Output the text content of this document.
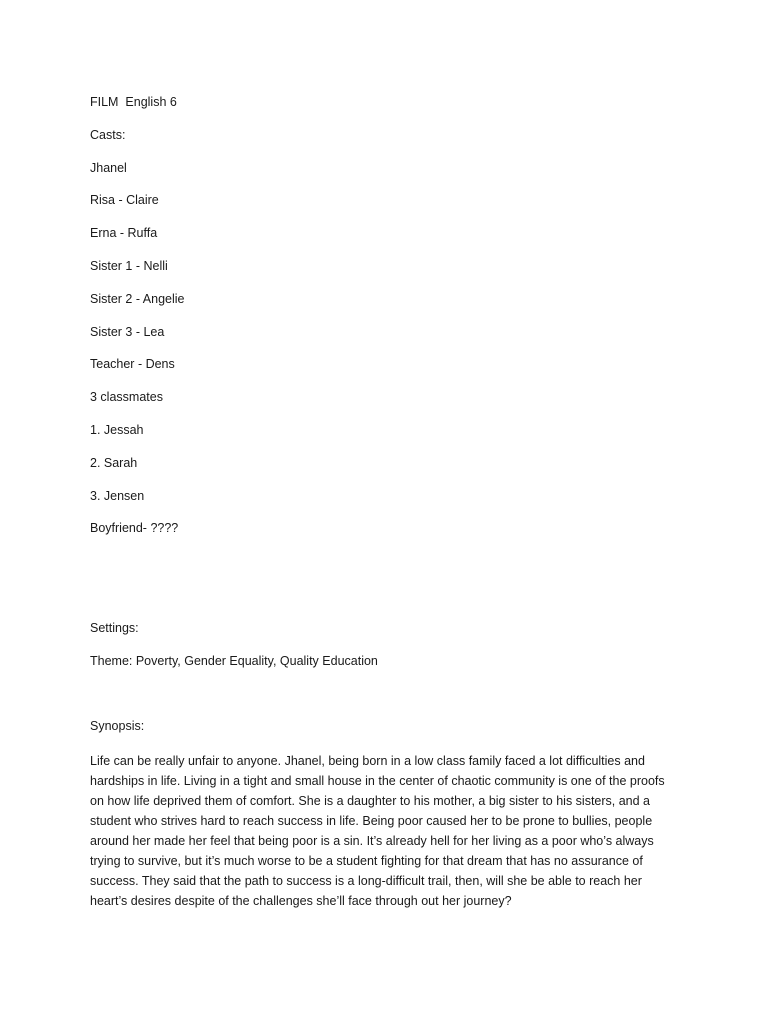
FILM  English 6

Casts:

Jhanel

Risa - Claire

Erna - Ruffa

Sister 1 - Nelli

Sister 2 - Angelie

Sister 3 - Lea

Teacher - Dens

3 classmates

1. Jessah

2. Sarah

3. Jensen

Boyfriend- ????

Settings:

Theme: Poverty, Gender Equality, Quality Education

Synopsis:

Life can be really unfair to anyone. Jhanel, being born in a low class family faced a lot difficulties and
hardships in life. Living in a tight and small house in the center of chaotic community is one of the proofs
on how life deprived them of comfort. She is a daughter to his mother, a big sister to his sisters, and a
student who strives hard to reach success in life. Being poor caused her to be prone to bullies, people
around her made her feel that being poor is a sin. It’s already hell for her living as a poor who’s always
trying to survive, but it’s much worse to be a student fighting for that dream that has no assurance of
success. They said that the path to success is a long-difficult trail, then, will she be able to reach her
heart’s desires despite of the challenges she’ll face through out her journey?
